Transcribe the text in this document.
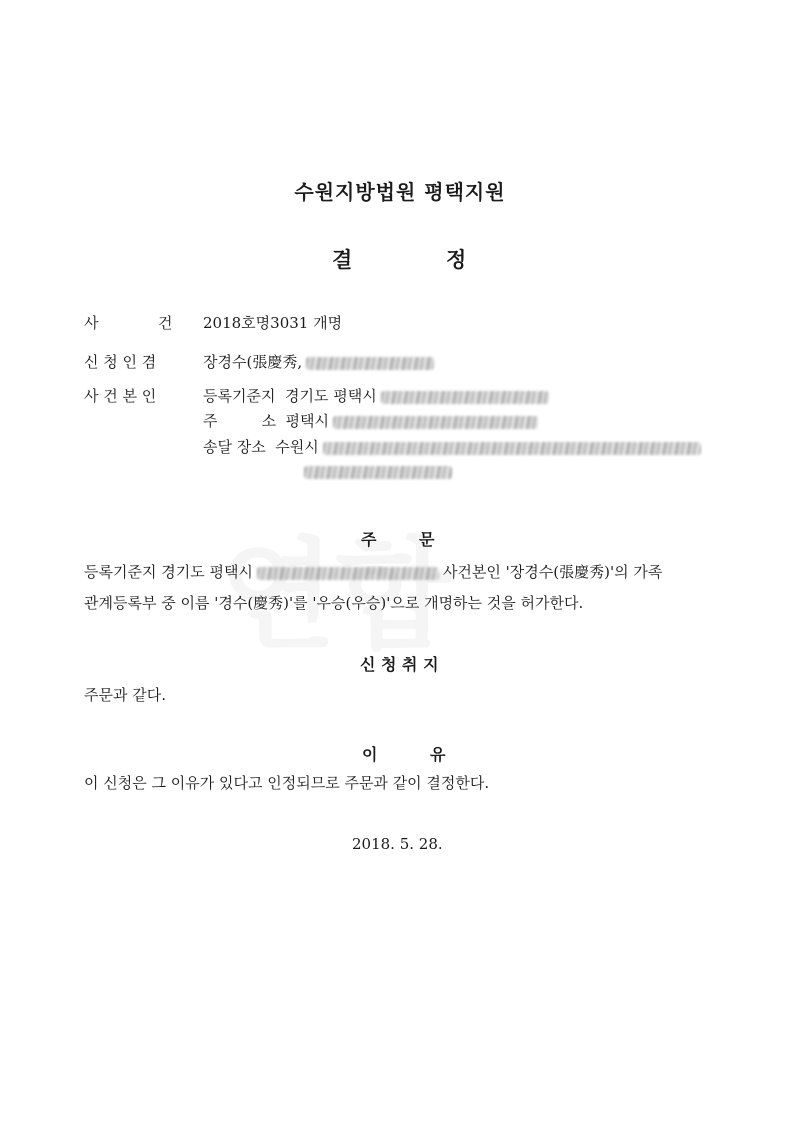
수원지방법원 평택지원
결	정
사	건 2018호명3031 개명
신 청 인 겸	장경수(張慶秀,
사 건 본 인	등록기준지 경기도 평택시
주	소 평택시
송달 장소 수원시
주	문
등록기준지 경기도 평택시	사건본인 '장경수(張慶秀)'의 가족
관계등록부 중 이름 '경수(慶秀)'를 '우승(우승)'으로 개명하는 것을 허가한다.
신 청 취 지
주문과 같다.
이	유
이 신청은 그 이유가 있다고 인정되므로 주문과 같이 결정한다.
2018. 5. 28.
